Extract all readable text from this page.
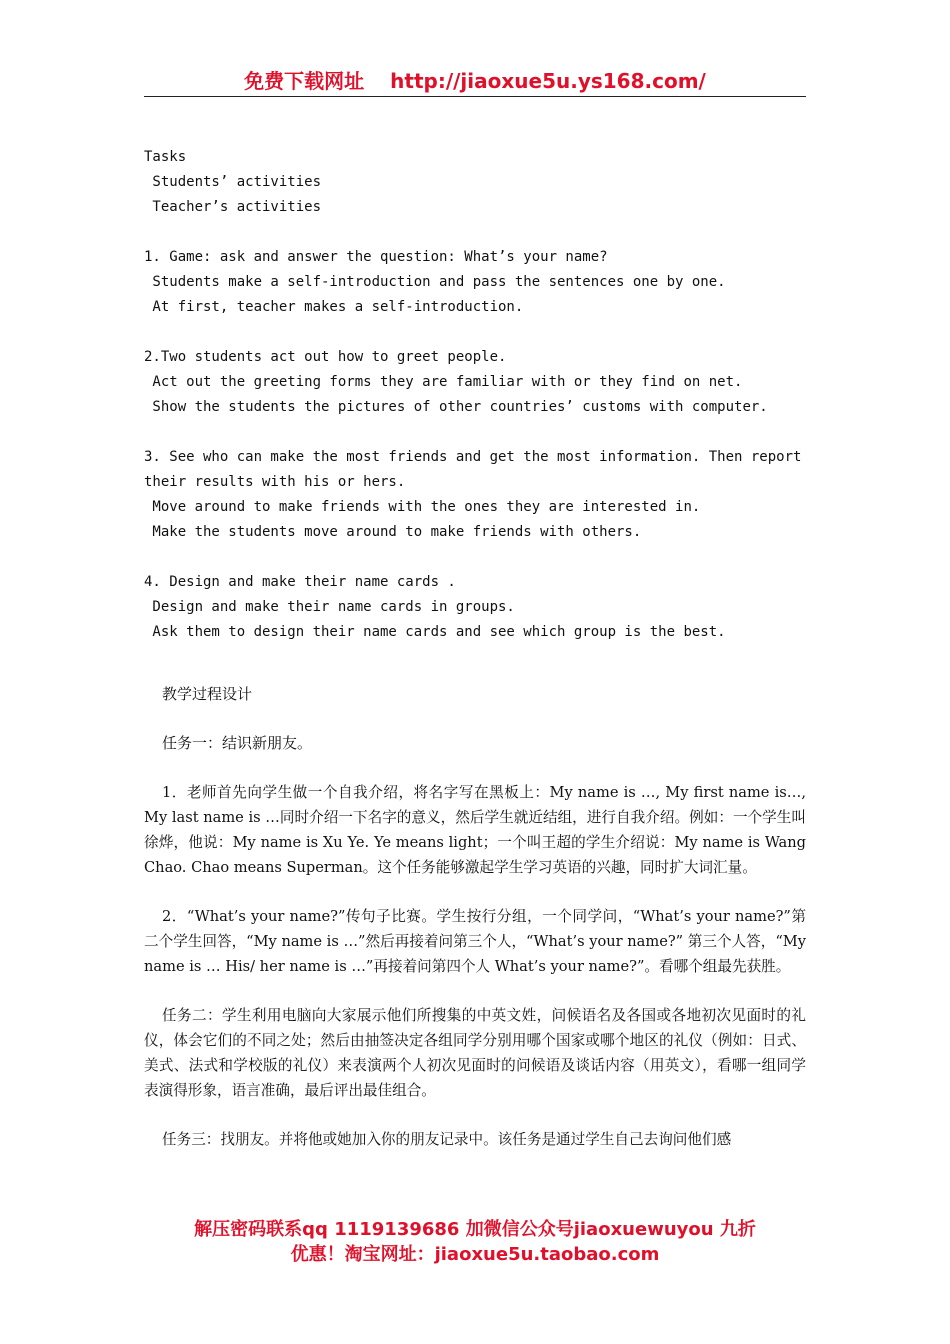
免费下载网址 http://jiaoxue5u.ys168.com/
Tasks
Students’ activities
Teacher’s activities
1. Game: ask and answer the question: What’s your name?
Students make a self-introduction and pass the sentences one by one.
At first, teacher makes a self-introduction.
2.Two students act out how to greet people.
Act out the greeting forms they are familiar with or they find on net.
Show the students the pictures of other countries’ customs with computer.
3. See who can make the most friends and get the most information. Then report
their results with his or hers.
Move around to make friends with the ones they are interested in.
Make the students move around to make friends with others.
4. Design and make their name cards .
Design and make their name cards in groups.
Ask them to design their name cards and see which group is the best.
教学过程设计
任务一：结识新朋友。
1．老师首先向学生做一个自我介绍，将名字写在黑板上：My name is …, My first name is…, My last name is …同时介绍一下名字的意义，然后学生就近结组，进行自我介绍。例如：一个学生叫徐烨，他说：My name is Xu Ye. Ye means light；一个叫王超的学生介绍说：My name is Wang Chao. Chao means Superman。这个任务能够激起学生学习英语的兴趣，同时扩大词汇量。
2．“What’s your name?”传句子比赛。学生按行分组，一个同学问，“What’s your name?”第二个学生回答，“My name is …”然后再接着问第三个人，“What’s your name?” 第三个人答，“My name is … His/ her name is …”再接着问第四个人 What’s your name?”。看哪个组最先获胜。
任务二：学生利用电脑向大家展示他们所搜集的中英文姓，问候语名及各国或各地初次见面时的礼仪，体会它们的不同之处；然后由抽签决定各组同学分别用哪个国家或哪个地区的礼仪（例如：日式、美式、法式和学校版的礼仪）来表演两个人初次见面时的问候语及谈话内容（用英文），看哪一组同学表演得形象，语言准确，最后评出最佳组合。
任务三：找朋友。并将他或她加入你的朋友记录中。该任务是通过学生自己去询问他们感
解压密码联系qq 1119139686 加微信公众号jiaoxuewuyou 九折
优惠！淘宝网址：jiaoxue5u.taobao.com
